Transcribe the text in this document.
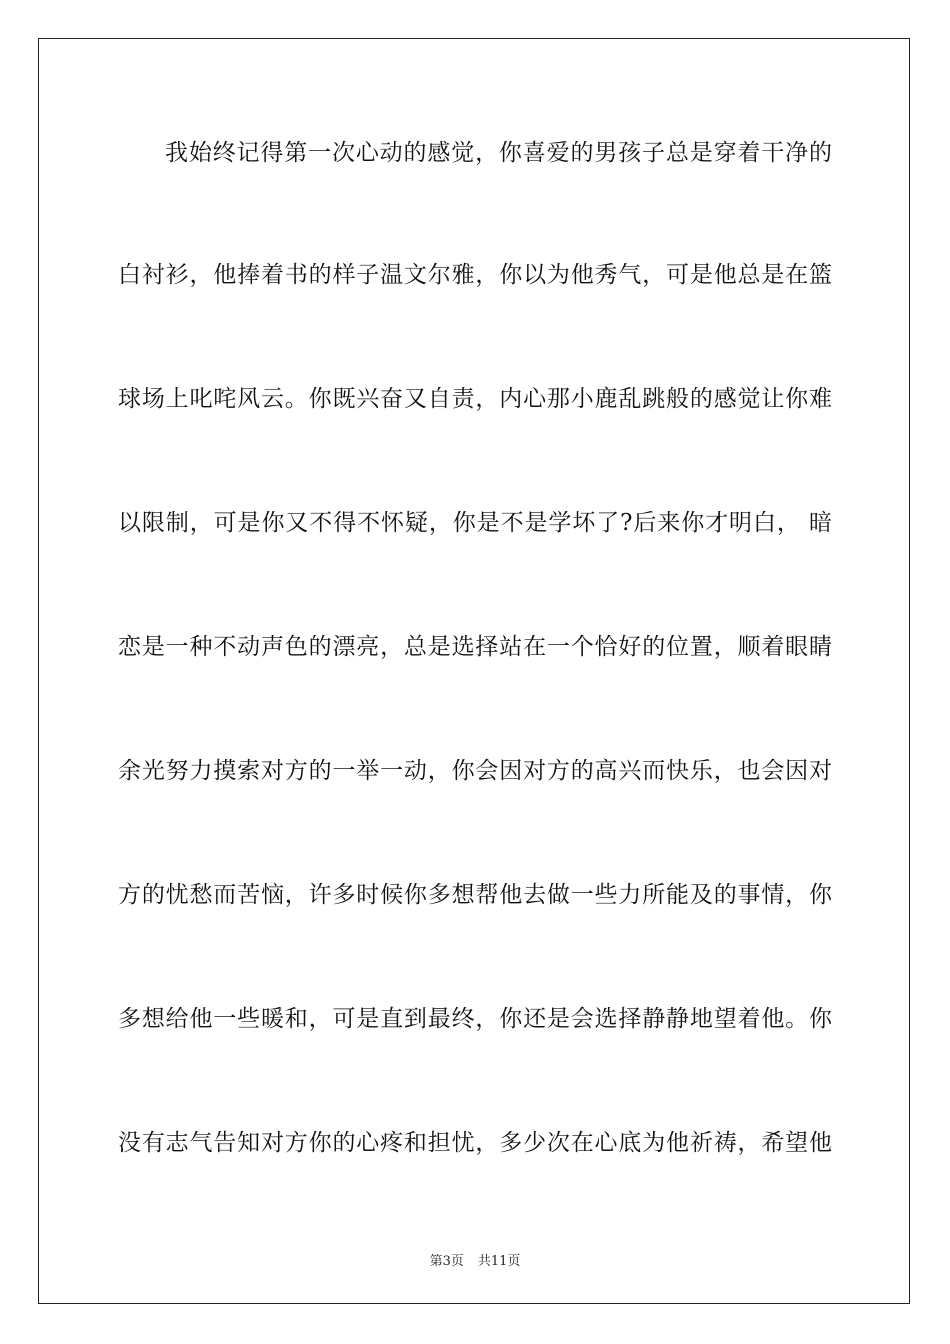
我始终记得第一次心动的感觉，你喜爱的男孩子总是穿着干净的
白衬衫，他捧着书的样子温文尔雅，你以为他秀气，可是他总是在篮
球场上叱咤风云。你既兴奋又自责，内心那小鹿乱跳般的感觉让你难
以限制，可是你又不得不怀疑，你是不是学坏了?后来你才明白， 暗
恋是一种不动声色的漂亮，总是选择站在一个恰好的位置，顺着眼睛
余光努力摸索对方的一举一动，你会因对方的高兴而快乐，也会因对
方的忧愁而苦恼，许多时候你多想帮他去做一些力所能及的事情，你
多想给他一些暖和，可是直到最终，你还是会选择静静地望着他。你
没有志气告知对方你的心疼和担忧，多少次在心底为他祈祷，希望他
第3页 共11页
